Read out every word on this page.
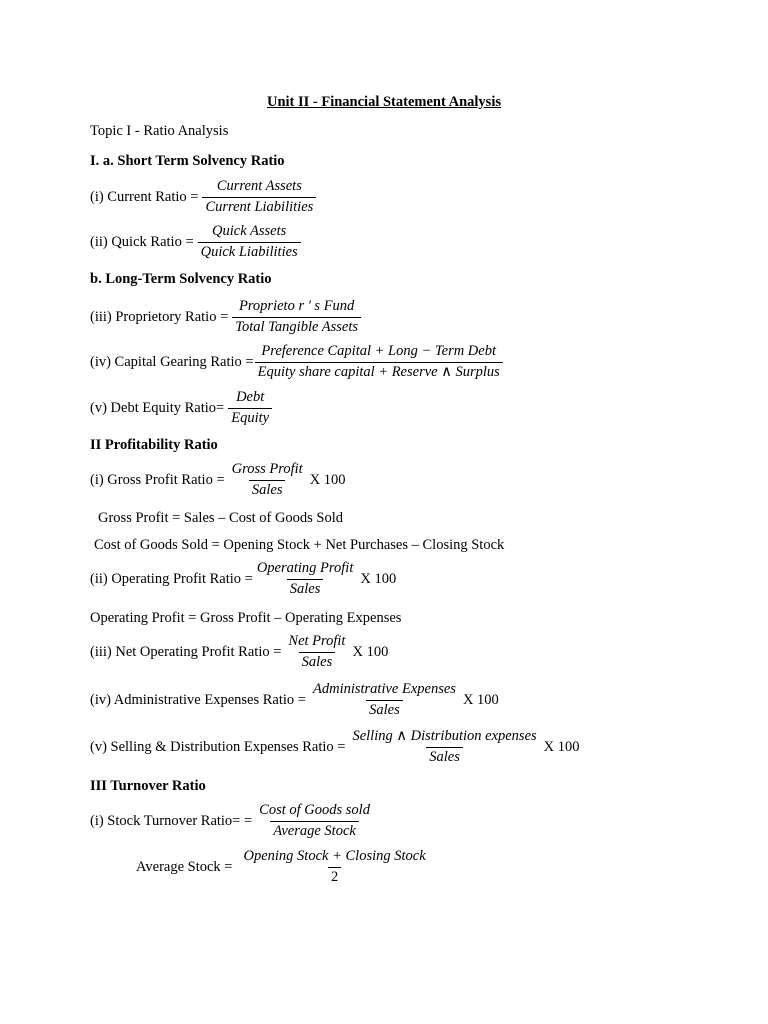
Unit II - Financial Statement Analysis
Topic I - Ratio Analysis
I. a. Short Term Solvency Ratio
(i) Current Ratio = $\frac{\text{Current Assets}}{\text{Current Liabilities}}$
(ii) Quick Ratio = $\frac{\text{Quick Assets}}{\text{Quick Liabilities}}$
b. Long-Term Solvency Ratio
(iii) Proprietory Ratio = $\frac{\text{Proprieto r ' s Fund}}{\text{Total Tangible Assets}}$
(iv) Capital Gearing Ratio = $\frac{\text{Preference Capital + Long − Term Debt}}{\text{Equity share capital + Reserve ∧ Surplus}}$
(v) Debt Equity Ratio= $\frac{\text{Debt}}{\text{Equity}}$
II Profitability Ratio
(i) Gross Profit Ratio = $\frac{\text{Gross Profit}}{\text{Sales}}$ X 100
Gross Profit = Sales – Cost of Goods Sold
Cost of Goods Sold = Opening Stock + Net Purchases – Closing Stock
(ii) Operating Profit Ratio = $\frac{\text{Operating Profit}}{\text{Sales}}$ X 100
Operating Profit = Gross Profit – Operating Expenses
(iii) Net Operating Profit Ratio = $\frac{\text{Net Profit}}{\text{Sales}}$ X 100
(iv) Administrative Expenses Ratio = $\frac{\text{Administrative Expenses}}{\text{Sales}}$ X 100
(v) Selling & Distribution Expenses Ratio = $\frac{\text{Selling ∧ Distribution expenses}}{\text{Sales}}$ X 100
III Turnover Ratio
(i) Stock Turnover Ratio= = $\frac{\text{Cost of Goods sold}}{\text{Average Stock}}$
Average Stock = $\frac{\text{Opening Stock + Closing Stock}}{2}$
